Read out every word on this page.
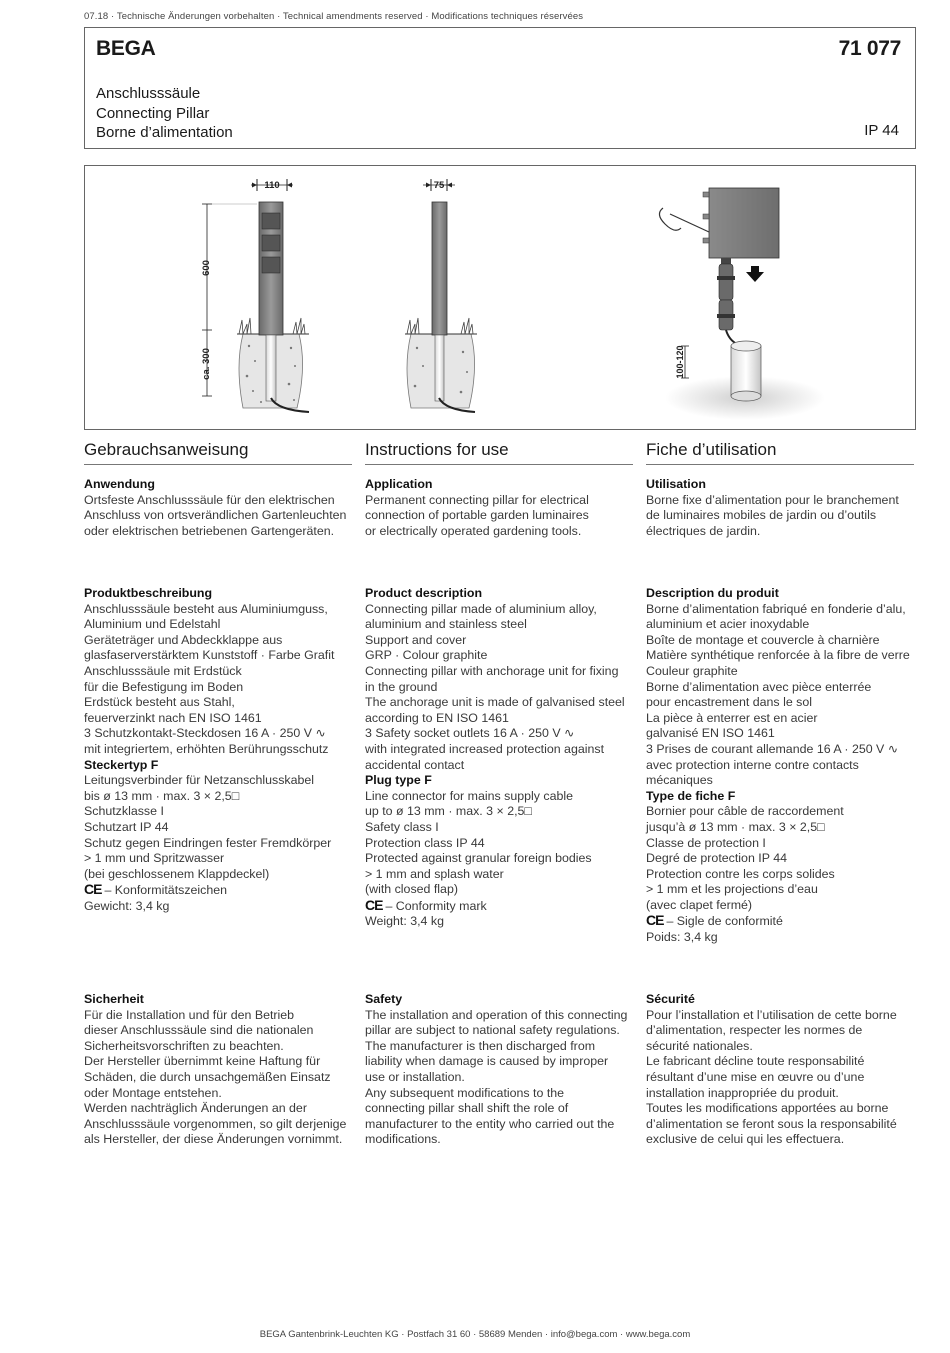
07.18 · Technische Änderungen vorbehalten · Technical amendments reserved · Modifications techniques réservées
BEGA	71 077
Anschlusssäule
Connecting Pillar
Borne d’alimentation	IP 44
110
600
ca. 300
75
100-120
Gebrauchsanweisung
Anwendung
Ortsfeste Anschlusssäule für den elektrischen
Anschluss von ortsverändlichen Gartenleuchten
oder elektrischen betriebenen Gartengeräten.
Produktbeschreibung
Anschlusssäule besteht aus Aluminiumguss,
Aluminium und Edelstahl
Geräteträger und Abdeckklappe aus
glasfaserverstärktem Kunststoff · Farbe Grafit
Anschlusssäule mit Erdstück
für die Befestigung im Boden
Erdstück besteht aus Stahl,
feuerverzinkt nach EN ISO 1461
3 Schutzkontakt-Steckdosen 16 A · 250 V ∿
mit integriertem, erhöhten Berührungsschutz
Steckertyp F
Leitungsverbinder für Netzanschlusskabel
bis ø 13 mm · max. 3 × 2,5□
Schutzklasse I
Schutzart IP 44
Schutz gegen Eindringen fester Fremdkörper
> 1 mm und Spritzwasser
(bei geschlossenem Klappdeckel)
CE – Konformitätszeichen
Gewicht: 3,4 kg
Sicherheit
Für die Installation und für den Betrieb
dieser Anschlusssäule sind die nationalen
Sicherheitsvorschriften zu beachten.
Der Hersteller übernimmt keine Haftung für
Schäden, die durch unsachgemäßen Einsatz
oder Montage entstehen.
Werden nachträglich Änderungen an der
Anschlusssäule vorgenommen, so gilt derjenige
als Hersteller, der diese Änderungen vornimmt.
Instructions for use
Application
Permanent connecting pillar for electrical
connection of portable garden luminaires
or electrically operated gardening tools.
Product description
Connecting pillar made of aluminium alloy,
aluminium and stainless steel
Support and cover
GRP · Colour graphite
Connecting pillar with anchorage unit for fixing
in the ground
The anchorage unit is made of galvanised steel
according to EN ISO 1461
3 Safety socket outlets 16 A · 250 V ∿
with integrated increased protection against
accidental contact
Plug type F
Line connector for mains supply cable
up to ø 13 mm · max. 3 × 2,5□
Safety class I
Protection class IP 44
Protected against granular foreign bodies
> 1 mm and splash water
(with closed flap)
CE – Conformity mark
Weight: 3,4 kg
Safety
The installation and operation of this connecting
pillar are subject to national safety regulations.
The manufacturer is then discharged from
liability when damage is caused by improper
use or installation.
Any subsequent modifications to the
connecting pillar shall shift the role of
manufacturer to the entity who carried out the
modifications.
Fiche d’utilisation
Utilisation
Borne fixe d’alimentation pour le branchement
de luminaires mobiles de jardin ou d’outils
électriques de jardin.
Description du produit
Borne d’alimentation fabriqué en fonderie d’alu,
aluminium et acier inoxydable
Boîte de montage et couvercle à charnière
Matière synthétique renforcée à la fibre de verre
Couleur graphite
Borne d’alimentation avec pièce enterrée
pour encastrement dans le sol
La pièce à enterrer est en acier
galvanisé EN ISO 1461
3 Prises de courant allemande 16 A · 250 V ∿
avec protection interne contre contacts
mécaniques
Type de fiche F
Bornier pour câble de raccordement
jusqu’à ø 13 mm · max. 3 × 2,5□
Classe de protection I
Degré de protection IP 44
Protection contre les corps solides
> 1 mm et les projections d’eau
(avec clapet fermé)
CE – Sigle de conformité
Poids: 3,4 kg
Sécurité
Pour l’installation et l’utilisation de cette borne
d’alimentation, respecter les normes de
sécurité nationales.
Le fabricant décline toute responsabilité
résultant d’une mise en œuvre ou d’une
installation inappropriée du produit.
Toutes les modifications apportées au borne
d’alimentation se feront sous la responsabilité
exclusive de celui qui les effectuera.
BEGA Gantenbrink-Leuchten KG · Postfach 31 60 · 58689 Menden · info@bega.com · www.bega.com
